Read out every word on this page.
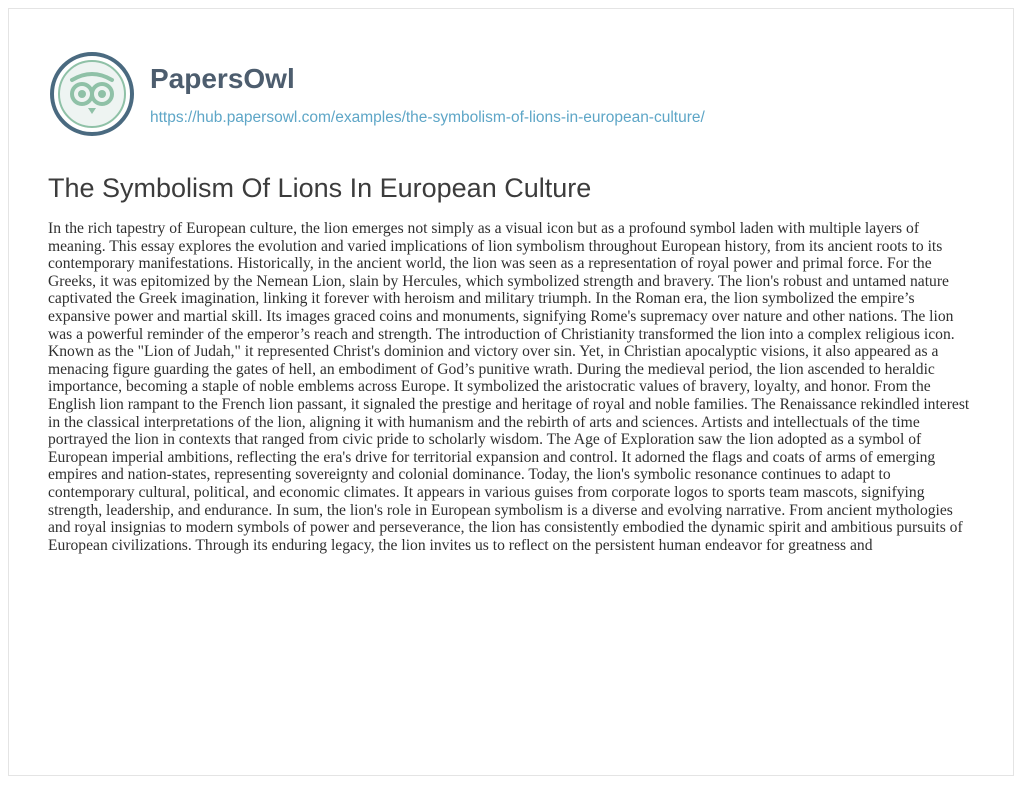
PapersOwl
https://hub.papersowl.com/examples/the-symbolism-of-lions-in-european-culture/
The Symbolism Of Lions In European Culture

In the rich tapestry of European culture, the lion emerges not simply as a visual icon but as a profound symbol laden with multiple layers of meaning. This essay explores the evolution and varied implications of lion symbolism throughout European history, from its ancient roots to its contemporary manifestations. Historically, in the ancient world, the lion was seen as a representation of royal power and primal force. For the Greeks, it was epitomized by the Nemean Lion, slain by Hercules, which symbolized strength and bravery. The lion's robust and untamed nature captivated the Greek imagination, linking it forever with heroism and military triumph. In the Roman era, the lion symbolized the empire’s expansive power and martial skill. Its images graced coins and monuments, signifying Rome's supremacy over nature and other nations. The lion was a powerful reminder of the emperor’s reach and strength. The introduction of Christianity transformed the lion into a complex religious icon. Known as the "Lion of Judah," it represented Christ's dominion and victory over sin. Yet, in Christian apocalyptic visions, it also appeared as a menacing figure guarding the gates of hell, an embodiment of God’s punitive wrath. During the medieval period, the lion ascended to heraldic importance, becoming a staple of noble emblems across Europe. It symbolized the aristocratic values of bravery, loyalty, and honor. From the English lion rampant to the French lion passant, it signaled the prestige and heritage of royal and noble families. The Renaissance rekindled interest in the classical interpretations of the lion, aligning it with humanism and the rebirth of arts and sciences. Artists and intellectuals of the time portrayed the lion in contexts that ranged from civic pride to scholarly wisdom. The Age of Exploration saw the lion adopted as a symbol of European imperial ambitions, reflecting the era's drive for territorial expansion and control. It adorned the flags and coats of arms of emerging empires and nation-states, representing sovereignty and colonial dominance. Today, the lion's symbolic resonance continues to adapt to contemporary cultural, political, and economic climates. It appears in various guises from corporate logos to sports team mascots, signifying strength, leadership, and endurance. In sum, the lion's role in European symbolism is a diverse and evolving narrative. From ancient mythologies and royal insignias to modern symbols of power and perseverance, the lion has consistently embodied the dynamic spirit and ambitious pursuits of European civilizations. Through its enduring legacy, the lion invites us to reflect on the persistent human endeavor for greatness and
